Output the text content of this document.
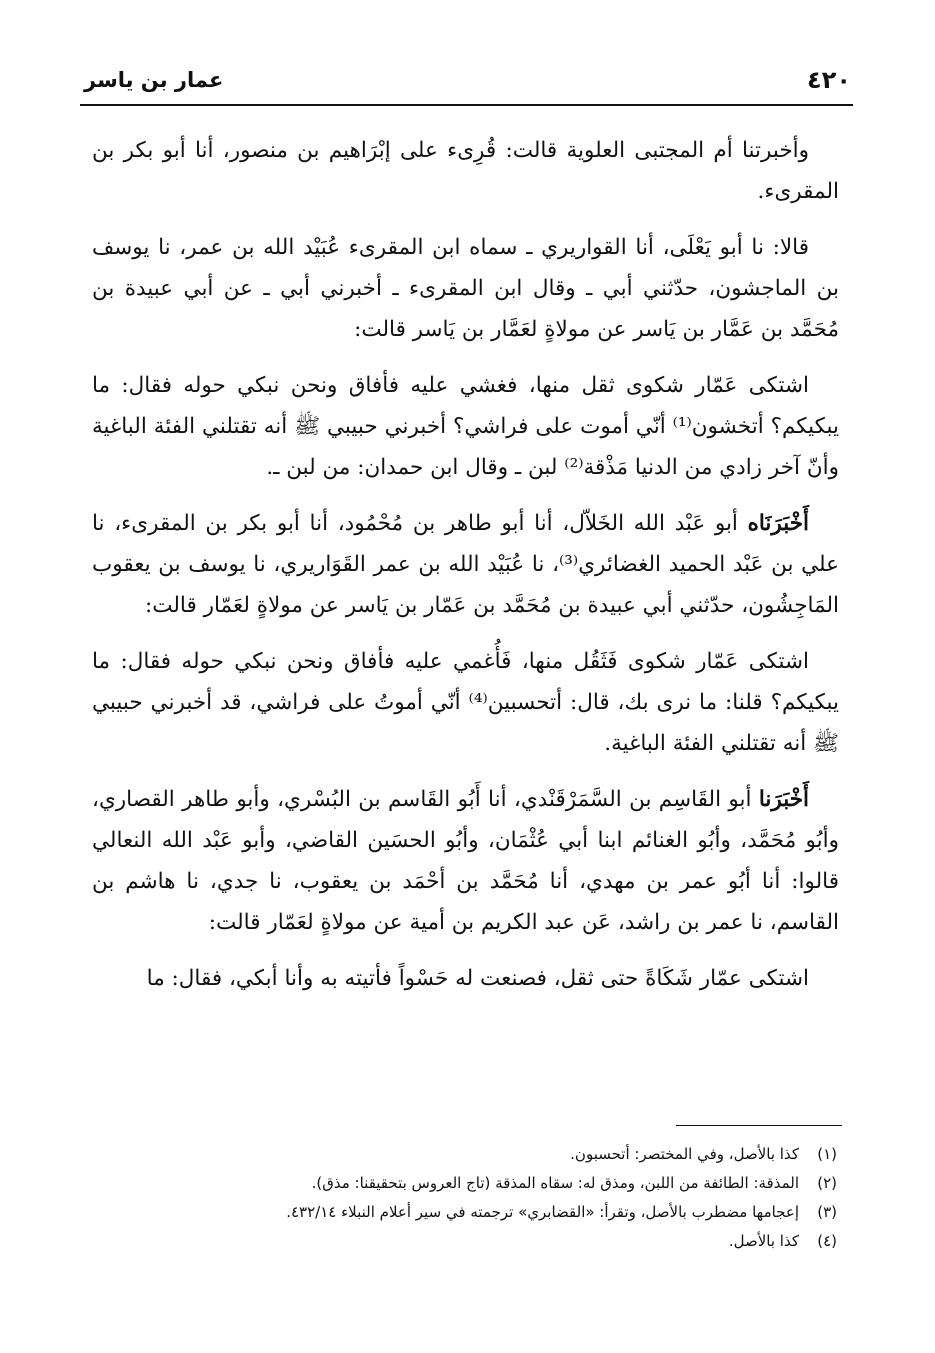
٤٢٠
عمار بن ياسر

وأخبرتنا أم المجتبى العلوية قالت: قُرِىء على إبْرَاهيم بن منصور، أنا أبو بكر بن المقرىء.

قالا: نا أبو يَعْلَى، أنا القواريري ـ سماه ابن المقرىء عُبَيْد الله بن عمر، نا يوسف بن الماجشون، حدّثني أبي ـ وقال ابن المقرىء ـ أخبرني أبي ـ عن أبي عبيدة بن مُحَمَّد بن عَمَّار بن يَاسر عن مولاةٍ لعَمَّار بن يَاسر قالت:

اشتكى عَمّار شكوى ثقل منها، فغشي عليه فأفاق ونحن نبكي حوله فقال: ما يبكيكم؟ أتخشون⁽¹⁾ أنّي أموت على فراشي؟ أخبرني حبيبي ﷺ أنه تقتلني الفئة الباغية وأنّ آخر زادي من الدنيا مَذْقة⁽²⁾ لبن ـ وقال ابن حمدان: من لبن ـ.

أَخْبَرَنَاه أبو عَبْد الله الخَلاّل، أنا أبو طاهر بن مُحْمُود، أنا أبو بكر بن المقرىء، نا علي بن عَبْد الحميد الغضائري⁽³⁾، نا عُبَيْد الله بن عمر القَوَاريري، نا يوسف بن يعقوب المَاجِشُون، حدّثني أبي عبيدة بن مُحَمَّد بن عَمّار بن يَاسر عن مولاةٍ لعَمّار قالت:

اشتكى عَمّار شكوى فَثَقُل منها، فَأُغمي عليه فأفاق ونحن نبكي حوله فقال: ما يبكيكم؟ قلنا: ما نرى بك، قال: أتحسبين⁽⁴⁾ أنّي أموتُ على فراشي، قد أخبرني حبيبي ﷺ أنه تقتلني الفئة الباغية.

أَخْبَرَنا أبو القَاسِم بن السَّمَرْقَنْدي، أنا أَبُو القَاسم بن البُسْري، وأبو طاهر القصاري، وأبُو مُحَمَّد، وأبُو الغنائم ابنا أبي عُثْمَان، وأبُو الحسَين القاضي، وأبو عَبْد الله النعالي قالوا: أنا أبُو عمر بن مهدي، أنا مُحَمَّد بن أحْمَد بن يعقوب، نا جدي، نا هاشم بن القاسم، نا عمر بن راشد، عَن عبد الكريم بن أمية عن مولاةٍ لعَمّار قالت:

اشتكى عمّار شَكَاةً حتى ثقل، فصنعت له حَسْواً فأتيته به وأنا أبكي، فقال: ما

(١)
كذا بالأصل، وفي المختصر: أتحسبون.
(٢)
المذقة: الطائفة من اللبن، ومذق له: سقاه المذقة (تاج العروس بتحقيقنا: مذق).
(٣)
إعجامها مضطرب بالأصل، وتقرأ: «القضابري» ترجمته في سير أعلام النبلاء ٤٣٢/١٤.
(٤)
كذا بالأصل.
